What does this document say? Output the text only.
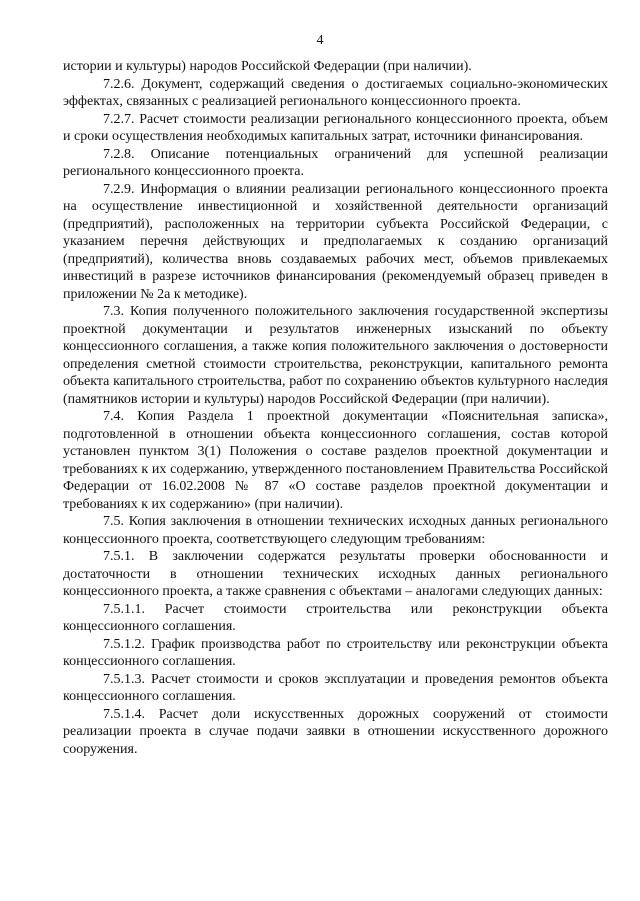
4

истории и культуры) народов Российской Федерации (при наличии).

7.2.6. Документ, содержащий сведения о достигаемых социально-экономических эффектах, связанных с реализацией регионального концессионного проекта.

7.2.7. Расчет стоимости реализации регионального концессионного проекта, объем и сроки осуществления необходимых капитальных затрат, источники финансирования.

7.2.8. Описание потенциальных ограничений для успешной реализации регионального концессионного проекта.

7.2.9. Информация о влиянии реализации регионального концессионного проекта на осуществление инвестиционной и хозяйственной деятельности организаций (предприятий), расположенных на территории субъекта Российской Федерации, с указанием перечня действующих и предполагаемых к созданию организаций (предприятий), количества вновь создаваемых рабочих мест, объемов привлекаемых инвестиций в разрезе источников финансирования (рекомендуемый образец приведен в приложении № 2а к методике).

7.3. Копия полученного положительного заключения государственной экспертизы проектной документации и результатов инженерных изысканий по объекту концессионного соглашения, а также копия положительного заключения о достоверности определения сметной стоимости строительства, реконструкции, капитального ремонта объекта капитального строительства, работ по сохранению объектов культурного наследия (памятников истории и культуры) народов Российской Федерации (при наличии).

7.4. Копия Раздела 1 проектной документации «Пояснительная записка», подготовленной в отношении объекта концессионного соглашения, состав которой установлен пунктом 3(1) Положения о составе разделов проектной документации и требованиях к их содержанию, утвержденного постановлением Правительства Российской Федерации от 16.02.2008 № 87 «О составе разделов проектной документации и требованиях к их содержанию» (при наличии).

7.5. Копия заключения в отношении технических исходных данных регионального концессионного проекта, соответствующего следующим требованиям:

7.5.1. В заключении содержатся результаты проверки обоснованности и достаточности в отношении технических исходных данных регионального концессионного проекта, а также сравнения с объектами – аналогами следующих данных:

7.5.1.1. Расчет стоимости строительства или реконструкции объекта концессионного соглашения.

7.5.1.2. График производства работ по строительству или реконструкции объекта концессионного соглашения.

7.5.1.3. Расчет стоимости и сроков эксплуатации и проведения ремонтов объекта концессионного соглашения.

7.5.1.4. Расчет доли искусственных дорожных сооружений от стоимости реализации проекта в случае подачи заявки в отношении искусственного дорожного сооружения.
